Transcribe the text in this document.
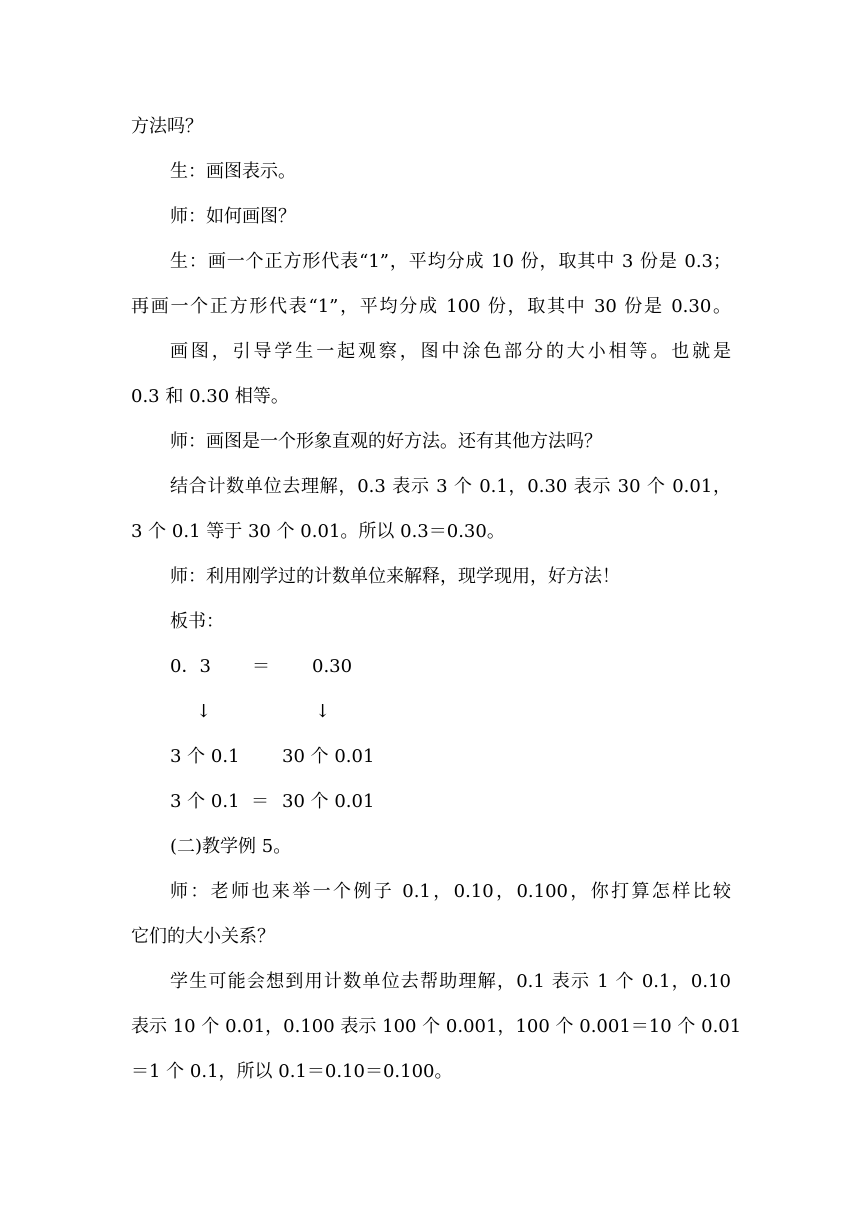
方法吗？
生：画图表示。
师：如何画图？
生：画一个正方形代表“1”，平均分成 10 份，取其中 3 份是 0.3；
再画一个正方形代表“1”，平均分成 100 份，取其中 30 份是 0.30。
画图，引导学生一起观察，图中涂色部分的大小相等。也就是
0.3 和 0.30 相等。
师：画图是一个形象直观的好方法。还有其他方法吗？
结合计数单位去理解，0.3 表示 3 个 0.1，0.30 表示 30 个 0.01，
3 个 0.1 等于 30 个 0.01。所以 0.3＝0.30。
师：利用刚学过的计数单位来解释，现学现用，好方法！
板书：
0．3 ＝ 0.30
↓	↓
3 个 0.1 30 个 0.01
3 个 0.1 ＝ 30 个 0.01
(二)教学例 5。
师：老师也来举一个例子 0.1，0.10，0.100，你打算怎样比较
它们的大小关系？
学生可能会想到用计数单位去帮助理解，0.1 表示 1 个 0.1，0.10
表示 10 个 0.01，0.100 表示 100 个 0.001，100 个 0.001＝10 个 0.01
＝1 个 0.1，所以 0.1＝0.10＝0.100。
